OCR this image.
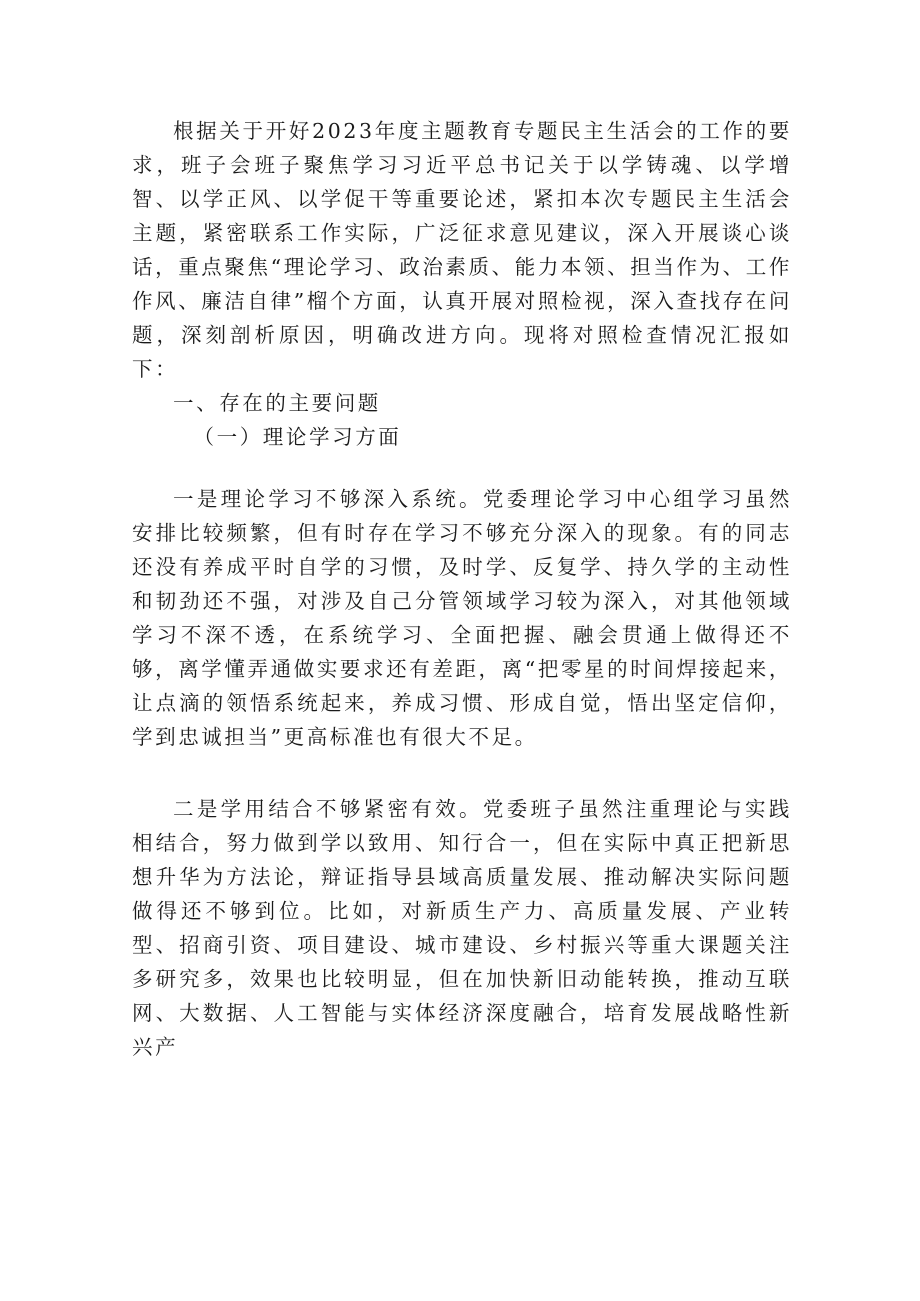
根据关于开好2023年度主题教育专题民主生活会的工作的要求，班子会班子聚焦学习习近平总书记关于以学铸魂、以学增智、以学正风、以学促干等重要论述，紧扣本次专题民主生活会主题，紧密联系工作实际，广泛征求意见建议，深入开展谈心谈话，重点聚焦“理论学习、政治素质、能力本领、担当作为、工作作风、廉洁自律”榴个方面，认真开展对照检视，深入查找存在问题，深刻剖析原因，明确改进方向。现将对照检查情况汇报如下：

一、存在的主要问题

（一）理论学习方面

一是理论学习不够深入系统。党委理论学习中心组学习虽然安排比较频繁，但有时存在学习不够充分深入的现象。有的同志还没有养成平时自学的习惯，及时学、反复学、持久学的主动性和韧劲还不强，对涉及自己分管领域学习较为深入，对其他领域学习不深不透，在系统学习、全面把握、融会贯通上做得还不够，离学懂弄通做实要求还有差距，离“把零星的时间焊接起来，让点滴的领悟系统起来，养成习惯、形成自觉，悟出坚定信仰，学到忠诚担当”更高标准也有很大不足。

二是学用结合不够紧密有效。党委班子虽然注重理论与实践相结合，努力做到学以致用、知行合一，但在实际中真正把新思想升华为方法论，辩证指导县域高质量发展、推动解决实际问题做得还不够到位。比如，对新质生产力、高质量发展、产业转型、招商引资、项目建设、城市建设、乡村振兴等重大课题关注多研究多，效果也比较明显，但在加快新旧动能转换，推动互联网、大数据、人工智能与实体经济深度融合，培育发展战略性新兴产
